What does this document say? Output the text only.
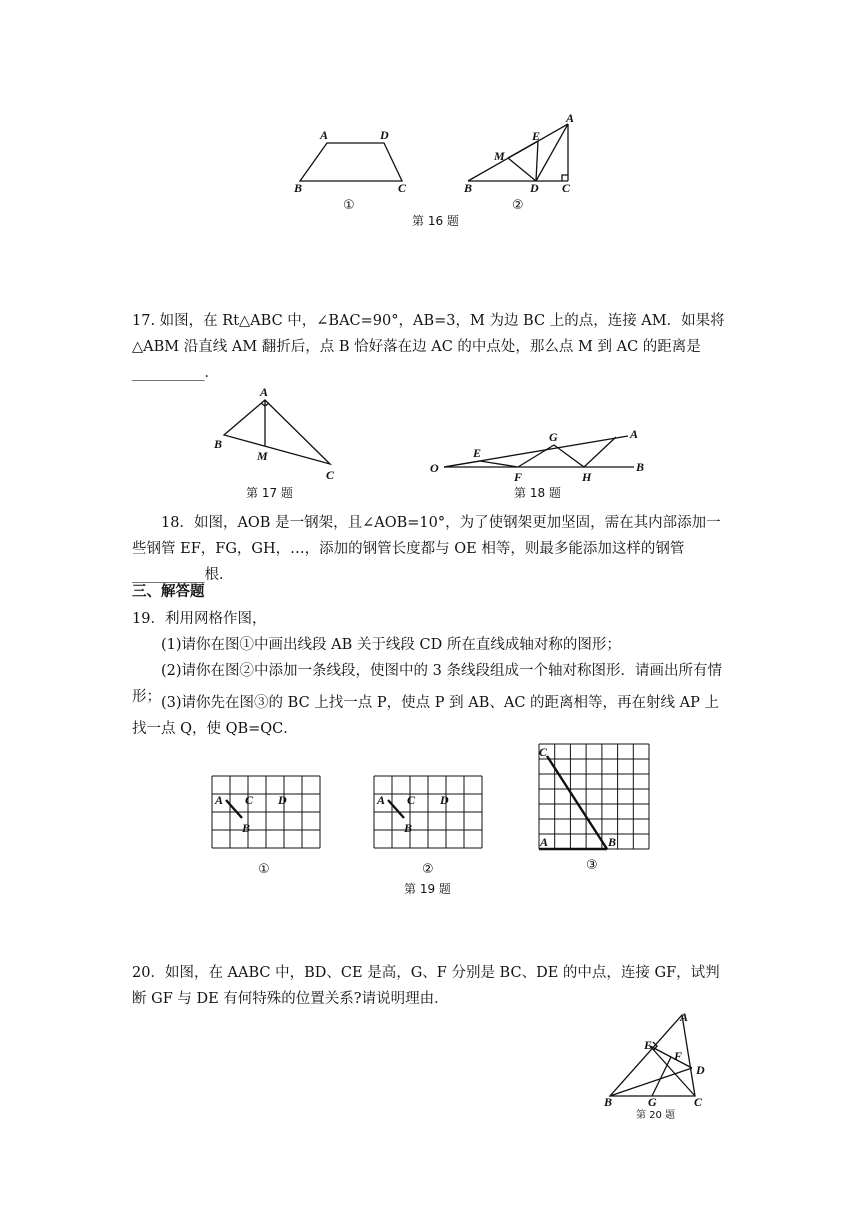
A	D
B	C
①
A
E
M
B	D C
②
第 16 题
17. 如图，在 Rt△ABC 中，∠BAC=90°，AB=3，M 为边 BC 上的点，连接 AM．如果将△ABM 沿直线 AM 翻折后，点 B 恰好落在边 AC 的中点处，那么点 M 到 AC 的距离是__________．
A
B
M
C
第 17 题
O
E
F
G
H
A
B
第 18 题
18．如图，AOB 是一钢架，且∠AOB=10°，为了使钢架更加坚固，需在其内部添加一些钢管 EF，FG，GH，…，添加的钢管长度都与 OE 相等，则最多能添加这样的钢管__________根．
三、解答题
19．利用网格作图，
(1)请你在图①中画出线段 AB 关于线段 CD 所在直线成轴对称的图形；
(2)请你在图②中添加一条线段，使图中的 3 条线段组成一个轴对称图形．请画出所有情形； (3)请你先在图③的 BC 上找一点 P，使点 P 到 AB、AC 的距离相等，再在射线 AP 上找一点 Q，使 QB=QC．
A C D
B
①
A C D
B
②
第 19 题
C
A	B
③
20．如图，在 AABC 中，BD、CE 是高，G、F 分别是 BC、DE 的中点，连接 GF，试判断 GF 与 DE 有何特殊的位置关系?请说明理由．
A
E
F
D
B	G	C
第 20 题
